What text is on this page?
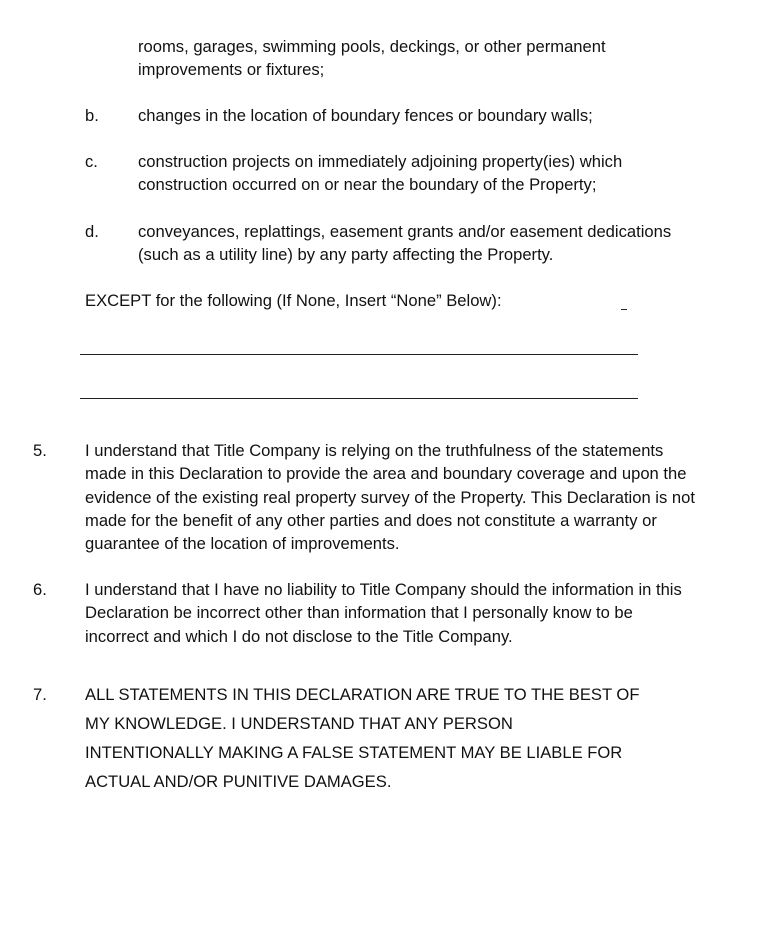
rooms, garages, swimming pools, deckings, or other permanent improvements or fixtures;
b. changes in the location of boundary fences or boundary walls;
c. construction projects on immediately adjoining property(ies) which construction occurred on or near the boundary of the Property;
d. conveyances, replattings, easement grants and/or easement dedications (such as a utility line) by any party affecting the Property.
EXCEPT for the following (If None, Insert “None” Below):
5. I understand that Title Company is relying on the truthfulness of the statements made in this Declaration to provide the area and boundary coverage and upon the evidence of the existing real property survey of the Property. This Declaration is not made for the benefit of any other parties and does not constitute a warranty or guarantee of the location of improvements.
6. I understand that I have no liability to Title Company should the information in this Declaration be incorrect other than information that I personally know to be incorrect and which I do not disclose to the Title Company.
7. ALL STATEMENTS IN THIS DECLARATION ARE TRUE TO THE BEST OF MY KNOWLEDGE. I UNDERSTAND THAT ANY PERSON INTENTIONALLY MAKING A FALSE STATEMENT MAY BE LIABLE FOR ACTUAL AND/OR PUNITIVE DAMAGES.
